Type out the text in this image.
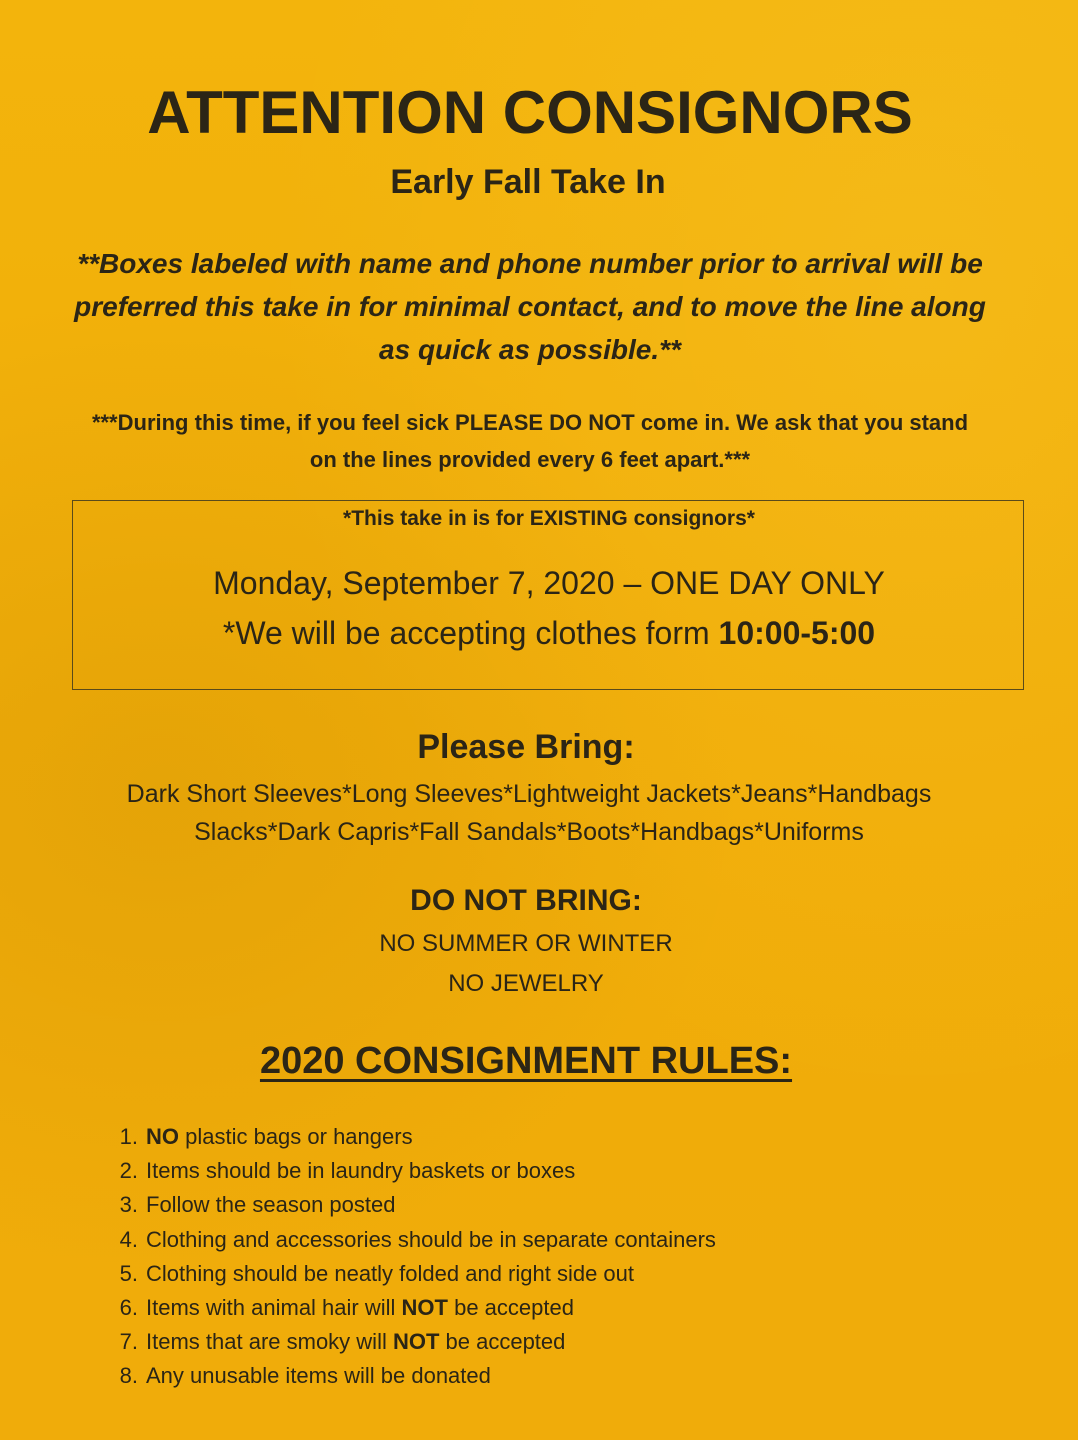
ATTENTION CONSIGNORS
Early Fall Take In
**Boxes labeled with name and phone number prior to arrival will be preferred this take in for minimal contact, and to move the line along as quick as possible.**
***During this time, if you feel sick PLEASE DO NOT come in. We ask that you stand on the lines provided every 6 feet apart.***
*This take in is for EXISTING consignors*
Monday, September 7, 2020 – ONE DAY ONLY
*We will be accepting clothes form 10:00-5:00
Please Bring:
Dark Short Sleeves*Long Sleeves*Lightweight Jackets*Jeans*Handbags
Slacks*Dark Capris*Fall Sandals*Boots*Handbags*Uniforms
DO NOT BRING:
NO SUMMER OR WINTER
NO JEWELRY
2020 CONSIGNMENT RULES:
1. NO plastic bags or hangers
2. Items should be in laundry baskets or boxes
3. Follow the season posted
4. Clothing and accessories should be in separate containers
5. Clothing should be neatly folded and right side out
6. Items with animal hair will NOT be accepted
7. Items that are smoky will NOT be accepted
8. Any unusable items will be donated
